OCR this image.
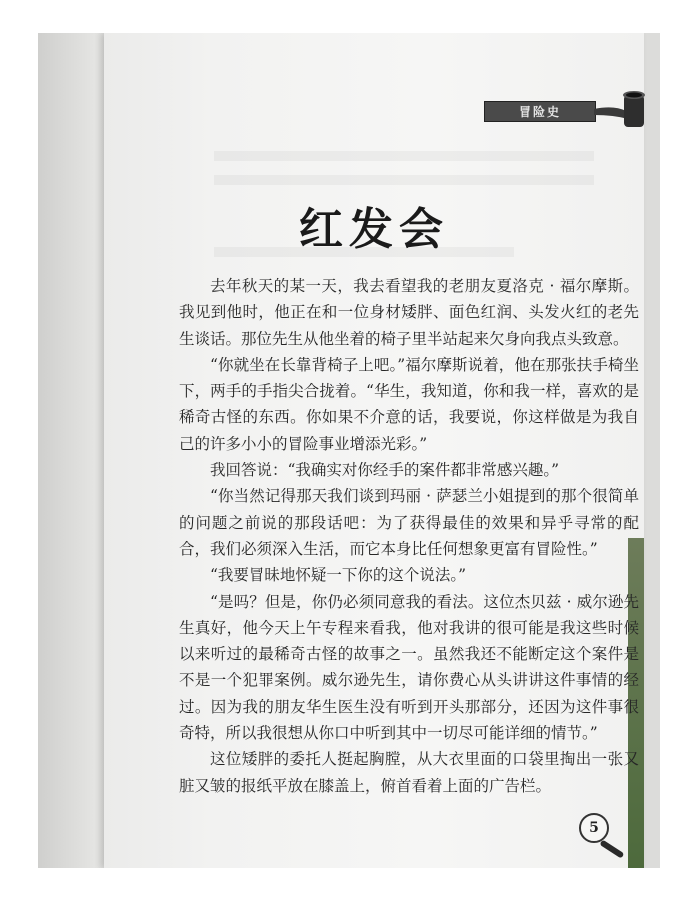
冒险史
红发会

去年秋天的某一天，我去看望我的老朋友夏洛克 · 福尔摩斯。我见到他时，他正在和一位身材矮胖、面色红润、头发火红的老先生谈话。那位先生从他坐着的椅子里半站起来欠身向我点头致意。

“你就坐在长靠背椅子上吧。”福尔摩斯说着，他在那张扶手椅坐下，两手的手指尖合拢着。“华生，我知道，你和我一样，喜欢的是稀奇古怪的东西。你如果不介意的话，我要说，你这样做是为我自己的许多小小的冒险事业增添光彩。”

我回答说：“我确实对你经手的案件都非常感兴趣。”

“你当然记得那天我们谈到玛丽 · 萨瑟兰小姐提到的那个很简单的问题之前说的那段话吧：为了获得最佳的效果和异乎寻常的配合，我们必须深入生活，而它本身比任何想象更富有冒险性。”

“我要冒昧地怀疑一下你的这个说法。”

“是吗？但是，你仍必须同意我的看法。这位杰贝兹 · 威尔逊先生真好，他今天上午专程来看我，他对我讲的很可能是我这些时候以来听过的最稀奇古怪的故事之一。虽然我还不能断定这个案件是不是一个犯罪案例。威尔逊先生，请你费心从头讲讲这件事情的经过。因为我的朋友华生医生没有听到开头那部分，还因为这件事很奇特，所以我很想从你口中听到其中一切尽可能详细的情节。”

这位矮胖的委托人挺起胸膛，从大衣里面的口袋里掏出一张又脏又皱的报纸平放在膝盖上，俯首看着上面的广告栏。

5
